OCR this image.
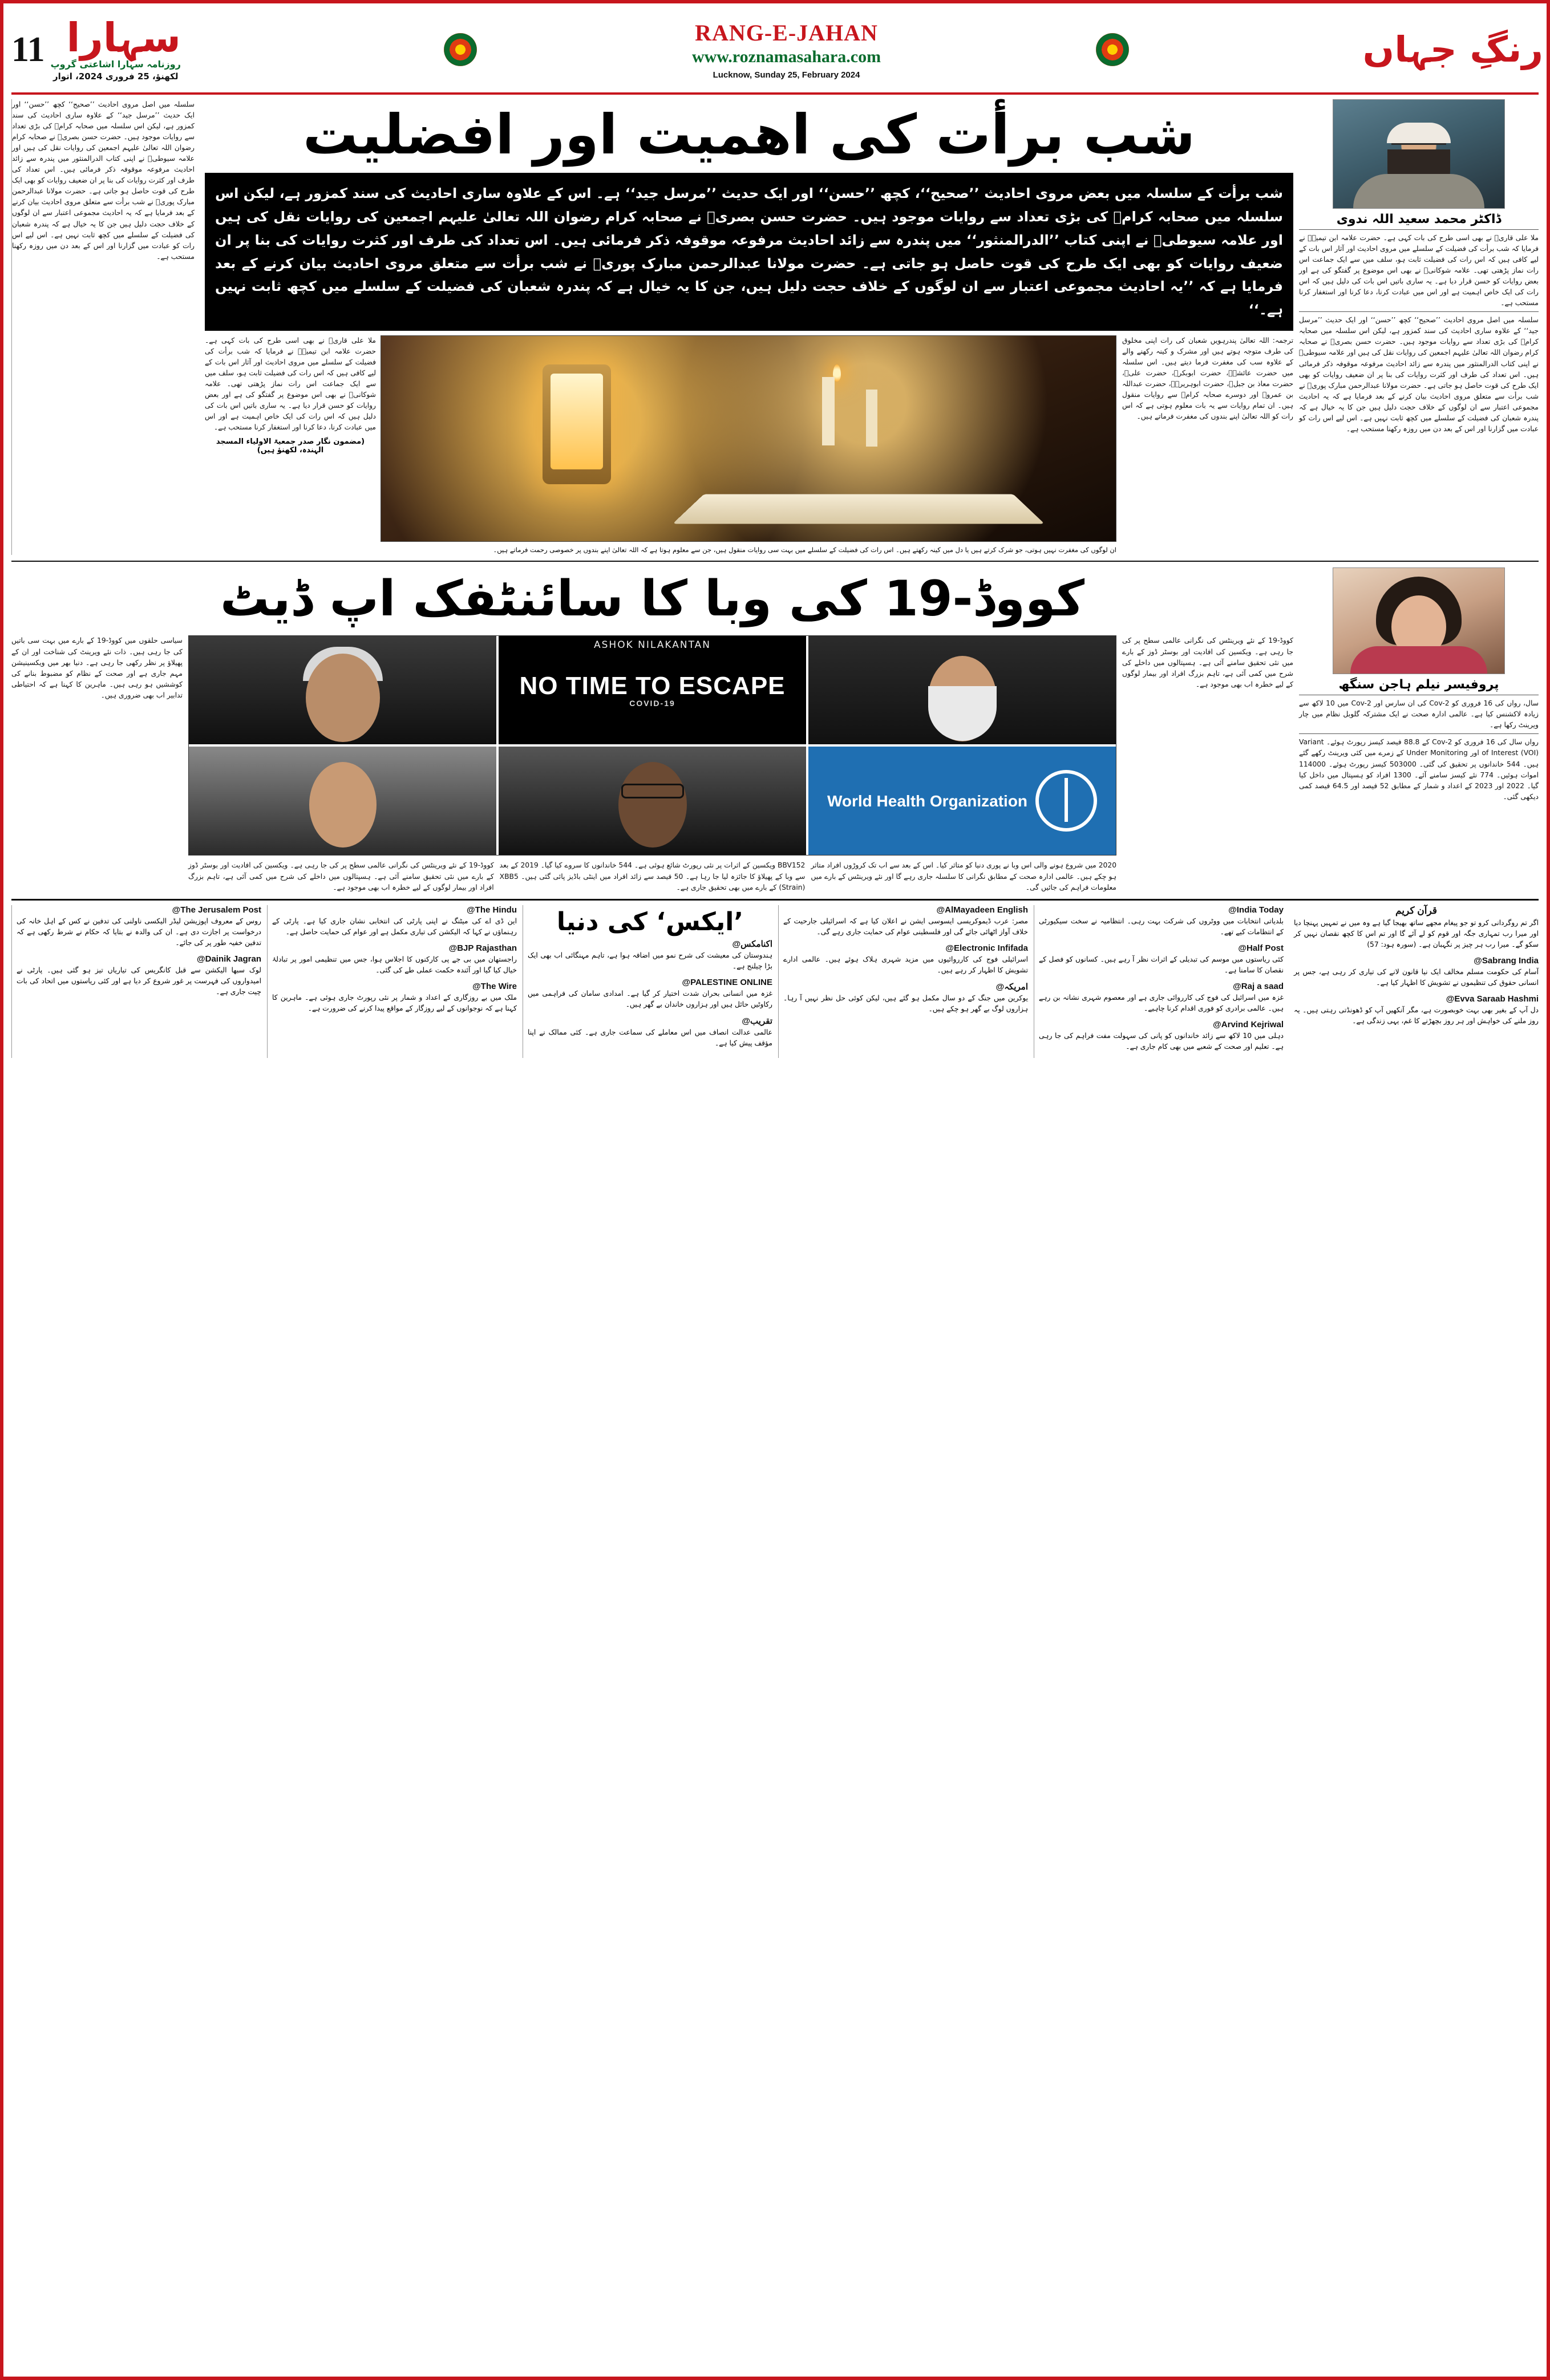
11 سہارا
روزنامہ سہارا اشاعتی گروپ
لکھنؤ، 25 فروری 2024، اتوار
RANG-E-JAHAN
www.roznamasahara.com
Lucknow, Sunday 25, February 2024
رنگِ جہاں
سلسلہ میں اصل مروی احادیث ’’صحیح‘‘ کچھ ’’حسن‘‘ اور ایک حدیث ’’مرسل جید‘‘ کے علاوہ ساری احادیث کی سند کمزور ہے، لیکن اس سلسلہ میں صحابہ کرامؓ کی بڑی تعداد سے روایات موجود ہیں۔ حضرت حسن بصریؒ نے صحابہ کرام رضوان اللہ تعالیٰ علیہم اجمعین کی روایات نقل کی ہیں اور علامہ سیوطیؒ نے اپنی کتاب الدرالمنثور میں پندرہ سے زائد احادیث مرفوعہ موقوفہ ذکر فرمائی ہیں۔ اس تعداد کی طرف اور کثرت روایات کی بنا پر ان ضعیف روایات کو بھی ایک طرح کی قوت حاصل ہو جاتی ہے۔ حضرت مولانا عبدالرحمن مبارک پوریؒ نے شب برأت سے متعلق مروی احادیث بیان کرنے کے بعد فرمایا ہے کہ یہ احادیث مجموعی اعتبار سے ان لوگوں کے خلاف حجت دلیل ہیں جن کا یہ خیال ہے کہ پندرہ شعبان کی فضیلت کے سلسلے میں کچھ ثابت نہیں ہے۔ اس لیے اس رات کو عبادت میں گزارنا اور اس کے بعد دن میں روزہ رکھنا مستحب ہے۔
شب برأت کی اهمیت اور افضلیت
شب برأت کے سلسلہ میں بعض مروی احادیث ’’صحیح‘‘، کچھ ’’حسن‘‘ اور ایک حدیث ’’مرسل جید‘‘ ہے۔ اس کے علاوہ ساری احادیث کی سند کمزور ہے، لیکن اس سلسلہ میں صحابہ کرامؓ کی بڑی تعداد سے روایات موجود ہیں۔ حضرت حسن بصریؒ نے صحابہ کرام رضوان اللہ تعالیٰ علیہم اجمعین کی روایات نقل کی ہیں اور علامہ سیوطیؒ نے اپنی کتاب ’’الدرالمنثور‘‘ میں پندرہ سے زائد احادیث مرفوعہ موقوفہ ذکر فرمائی ہیں۔ اس تعداد کی طرف اور کثرت روایات کی بنا پر ان ضعیف روایات کو بھی ایک طرح کی قوت حاصل ہو جاتی ہے۔ حضرت مولانا عبدالرحمن مبارک پوریؒ نے شب برأت سے متعلق مروی احادیث بیان کرنے کے بعد فرمایا ہے کہ ’’یہ احادیث مجموعی اعتبار سے ان لوگوں کے خلاف حجت دلیل ہیں، جن کا یہ خیال ہے کہ پندرہ شعبان کی فضیلت کے سلسلے میں کچھ ثابت نہیں ہے۔‘‘
ملا علی قاریؒ نے بھی اسی طرح کی بات کہی ہے۔ حضرت علامہ ابن تیمیہؒ نے فرمایا کہ شب برأت کی فضیلت کے سلسلے میں مروی احادیث اور آثار اس بات کے لیے کافی ہیں کہ اس رات کی فضیلت ثابت ہو، سلف میں سے ایک جماعت اس رات نماز پڑھتی تھی۔ علامہ شوکانیؒ نے بھی اس موضوع پر گفتگو کی ہے اور بعض روایات کو حسن قرار دیا ہے۔ یہ ساری باتیں اس بات کی دلیل ہیں کہ اس رات کی ایک خاص اہمیت ہے اور اس میں عبادت کرنا، دعا کرنا اور استغفار کرنا مستحب ہے۔
(مضمون نگار صدر جمعیۃ الاولیاء المسجد الہندہ، لکھنؤ ہیں)
ان لوگوں کی مغفرت نہیں ہوتی، جو شرک کرتے ہیں یا دل میں کینہ رکھتے ہیں۔ اس رات کی فضیلت کے سلسلے میں بہت سی روایات منقول ہیں، جن سے معلوم ہوتا ہے کہ اللہ تعالیٰ اپنے بندوں پر خصوصی رحمت فرماتے ہیں۔
ترجمہ: اللہ تعالیٰ پندرہویں شعبان کی رات اپنی مخلوق کی طرف متوجہ ہوتے ہیں اور مشرک و کینہ رکھنے والے کے علاوہ سب کی مغفرت فرما دیتے ہیں۔ اس سلسلہ میں حضرت عائشہؓ، حضرت ابوبکرؓ، حضرت علیؓ، حضرت معاذ بن جبلؓ، حضرت ابوہریرہؓ، حضرت عبداللہ بن عمروؓ اور دوسرے صحابہ کرامؓ سے روایات منقول ہیں۔ ان تمام روایات سے یہ بات معلوم ہوتی ہے کہ اس رات کو اللہ تعالیٰ اپنے بندوں کی مغفرت فرماتے ہیں۔
ڈاکٹر محمد سعید اللہ ندوی
ملا علی قاریؒ نے بھی اسی طرح کی بات کہی ہے۔ حضرت علامہ ابن تیمیہؒ نے فرمایا کہ شب برأت کی فضیلت کے سلسلے میں مروی احادیث اور آثار اس بات کے لیے کافی ہیں کہ اس رات کی فضیلت ثابت ہو، سلف میں سے ایک جماعت اس رات نماز پڑھتی تھی۔ علامہ شوکانیؒ نے بھی اس موضوع پر گفتگو کی ہے اور بعض روایات کو حسن قرار دیا ہے۔ یہ ساری باتیں اس بات کی دلیل ہیں کہ اس رات کی ایک خاص اہمیت ہے اور اس میں عبادت کرنا، دعا کرنا اور استغفار کرنا مستحب ہے۔
سلسلہ میں اصل مروی احادیث ’’صحیح‘‘ کچھ ’’حسن‘‘ اور ایک حدیث ’’مرسل جید‘‘ کے علاوہ ساری احادیث کی سند کمزور ہے، لیکن اس سلسلہ میں صحابہ کرامؓ کی بڑی تعداد سے روایات موجود ہیں۔ حضرت حسن بصریؒ نے صحابہ کرام رضوان اللہ تعالیٰ علیہم اجمعین کی روایات نقل کی ہیں اور علامہ سیوطیؒ نے اپنی کتاب الدرالمنثور میں پندرہ سے زائد احادیث مرفوعہ موقوفہ ذکر فرمائی ہیں۔ اس تعداد کی طرف اور کثرت روایات کی بنا پر ان ضعیف روایات کو بھی ایک طرح کی قوت حاصل ہو جاتی ہے۔ حضرت مولانا عبدالرحمن مبارک پوریؒ نے شب برأت سے متعلق مروی احادیث بیان کرنے کے بعد فرمایا ہے کہ یہ احادیث مجموعی اعتبار سے ان لوگوں کے خلاف حجت دلیل ہیں جن کا یہ خیال ہے کہ پندرہ شعبان کی فضیلت کے سلسلے میں کچھ ثابت نہیں ہے۔ اس لیے اس رات کو عبادت میں گزارنا اور اس کے بعد دن میں روزہ رکھنا مستحب ہے۔
کووڈ-19 کی وبا کا سائنٹفک اپ ڈیٹ
سیاسی حلقوں میں کووڈ-19 کے بارے میں بہت سی باتیں کی جا رہی ہیں۔ ذات نئے ویرینٹ کی شناخت اور ان کے پھیلاؤ پر نظر رکھی جا رہی ہے۔ دنیا بھر میں ویکسینیشن مہم جاری ہے اور صحت کے نظام کو مضبوط بنانے کی کوششیں ہو رہی ہیں۔ ماہرین کا کہنا ہے کہ احتیاطی تدابیر اب بھی ضروری ہیں۔
ASHOK NILAKANTAN
NO TIME TO ESCAPE
COVID-19
World Health Organization
کووڈ-19 کے نئے ویرینٹس کی نگرانی عالمی سطح پر کی جا رہی ہے۔ ویکسین کی افادیت اور بوسٹر ڈوز کے بارے میں نئی تحقیق سامنے آئی ہے۔ ہسپتالوں میں داخلے کی شرح میں کمی آئی ہے، تاہم بزرگ افراد اور بیمار لوگوں کے لیے خطرہ اب بھی موجود ہے۔
BBV152 ویکسین کے اثرات پر نئی رپورٹ شائع ہوئی ہے۔ 544 خاندانوں کا سروے کیا گیا۔ 2019 کے بعد سے وبا کے پھیلاؤ کا جائزہ لیا جا رہا ہے۔ 50 فیصد سے زائد افراد میں اینٹی باڈیز پائی گئی ہیں۔ XBB5 (Strain) کے بارے میں بھی تحقیق جاری ہے۔
2020 میں شروع ہونے والی اس وبا نے پوری دنیا کو متاثر کیا۔ اس کے بعد سے اب تک کروڑوں افراد متاثر ہو چکے ہیں۔ عالمی ادارہ صحت کے مطابق نگرانی کا سلسلہ جاری رہے گا اور نئے ویرینٹس کے بارے میں معلومات فراہم کی جائیں گی۔
کووڈ-19 کے نئے ویرینٹس کی نگرانی عالمی سطح پر کی جا رہی ہے۔ ویکسین کی افادیت اور بوسٹر ڈوز کے بارے میں نئی تحقیق سامنے آئی ہے۔ ہسپتالوں میں داخلے کی شرح میں کمی آئی ہے، تاہم بزرگ افراد اور بیمار لوگوں کے لیے خطرہ اب بھی موجود ہے۔	پروفیسر نیلم ہاجن سنگھ
سال، رواں کی 16 فروری کو Cov-2 کی ان سارس اور Cov-2 میں 10 لاکھ سے زیادہ لاکشنس کیا ہے۔ عالمی ادارہ صحت نے ایک مشترکہ گلوبل نظام میں چار ویرینٹ رکھا ہے۔
رواں سال کی 16 فروری کو Cov-2 کے 88.8 فیصد کیسز رپورٹ ہوئے۔ Variant of Interest (VOI) اور Under Monitoring کے زمرے میں کئی ویرینٹ رکھے گئے ہیں۔ 544 خاندانوں پر تحقیق کی گئی۔ 503000 کیسز رپورٹ ہوئے۔ 114000 اموات ہوئیں۔ 774 نئے کیسز سامنے آئے۔ 1300 افراد کو ہسپتال میں داخل کیا گیا۔ 2022 اور 2023 کے اعداد و شمار کے مطابق 52 فیصد اور 64.5 فیصد کمی دیکھی گئی۔
@The Jerusalem Post
روس کے معروف اپوزیشن لیڈر الیکسی ناولنی کی تدفین نے کس کے اہل خانہ کی درخواست پر اجازت دی ہے۔ ان کی والدہ نے بتایا کہ حکام نے شرط رکھی ہے کہ تدفین خفیہ طور پر کی جائے۔
@Dainik Jagran
لوک سبھا الیکشن سے قبل کانگریس کی تیاریاں تیز ہو گئی ہیں۔ پارٹی نے امیدواروں کی فہرست پر غور شروع کر دیا ہے اور کئی ریاستوں میں اتحاد کی بات چیت جاری ہے۔
@The Hindu
این ڈی اے کی میٹنگ نے اپنی پارٹی کی انتخابی نشان جاری کیا ہے۔ پارٹی کے رہنماؤں نے کہا کہ الیکشن کی تیاری مکمل ہے اور عوام کی حمایت حاصل ہے۔
@BJP Rajasthan
راجستھان میں بی جے پی کارکنوں کا اجلاس ہوا، جس میں تنظیمی امور پر تبادلۂ خیال کیا گیا اور آئندہ حکمت عملی طے کی گئی۔
@The Wire
ملک میں بے روزگاری کے اعداد و شمار پر نئی رپورٹ جاری ہوئی ہے۔ ماہرین کا کہنا ہے کہ نوجوانوں کے لیے روزگار کے مواقع پیدا کرنے کی ضرورت ہے۔
’ایکس‘ کی دنیا
@اکنامکس
ہندوستان کی معیشت کی شرح نمو میں اضافہ ہوا ہے، تاہم مہنگائی اب بھی ایک بڑا چیلنج ہے۔
@PALESTINE ONLINE
غزہ میں انسانی بحران شدت اختیار کر گیا ہے۔ امدادی سامان کی فراہمی میں رکاوٹیں حائل ہیں اور ہزاروں خاندان بے گھر ہیں۔
@تقریب
عالمی عدالت انصاف میں اس معاملے کی سماعت جاری ہے۔ کئی ممالک نے اپنا مؤقف پیش کیا ہے۔
@AlMayadeen English
مصر: عرب ڈیموکریسی ایسوسی ایشن نے اعلان کیا ہے کہ اسرائیلی جارحیت کے خلاف آواز اٹھائی جائے گی اور فلسطینی عوام کی حمایت جاری رہے گی۔
@Electronic Infifada
اسرائیلی فوج کی کارروائیوں میں مزید شہری ہلاک ہوئے ہیں۔ عالمی ادارے تشویش کا اظہار کر رہے ہیں۔
@امریکہ
یوکرین میں جنگ کے دو سال مکمل ہو گئے ہیں، لیکن کوئی حل نظر نہیں آ رہا۔ ہزاروں لوگ بے گھر ہو چکے ہیں۔
@India Today
بلدیاتی انتخابات میں ووٹروں کی شرکت بہت رہی۔ انتظامیہ نے سخت سیکیورٹی کے انتظامات کیے تھے۔
@Half Post
کئی ریاستوں میں موسم کی تبدیلی کے اثرات نظر آ رہے ہیں۔ کسانوں کو فصل کے نقصان کا سامنا ہے۔
@Raj a saad
غزہ میں اسرائیل کی فوج کی کارروائی جاری ہے اور معصوم شہری نشانہ بن رہے ہیں۔ عالمی برادری کو فوری اقدام کرنا چاہیے۔
@Arvind Kejriwal
دہلی میں 10 لاکھ سے زائد خاندانوں کو پانی کی سہولت مفت فراہم کی جا رہی ہے۔ تعلیم اور صحت کے شعبے میں بھی کام جاری ہے۔
قرآن کریم
اگر تم روگردانی کرو تو جو پیغام مجھے ساتھ بھیجا گیا ہے وہ میں نے تمہیں پہنچا دیا اور میرا رب تمہاری جگہ اور قوم کو لے آئے گا اور تم اس کا کچھ نقصان نہیں کر سکو گے۔ میرا رب ہر چیز پر نگہبان ہے۔ (سورہ ہود: 57)
@Sabrang India
آسام کی حکومت مسلم مخالف ایک نیا قانون لانے کی تیاری کر رہی ہے، جس پر انسانی حقوق کی تنظیموں نے تشویش کا اظہار کیا ہے۔
@Evva Saraab Hashmi
دل آپ کے بغیر بھی بہت خوبصورت ہے، مگر آنکھیں آپ کو ڈھونڈتی رہتی ہیں۔ یہ روز ملنے کی خواہش اور ہر روز بچھڑنے کا غم، یہی زندگی ہے۔
